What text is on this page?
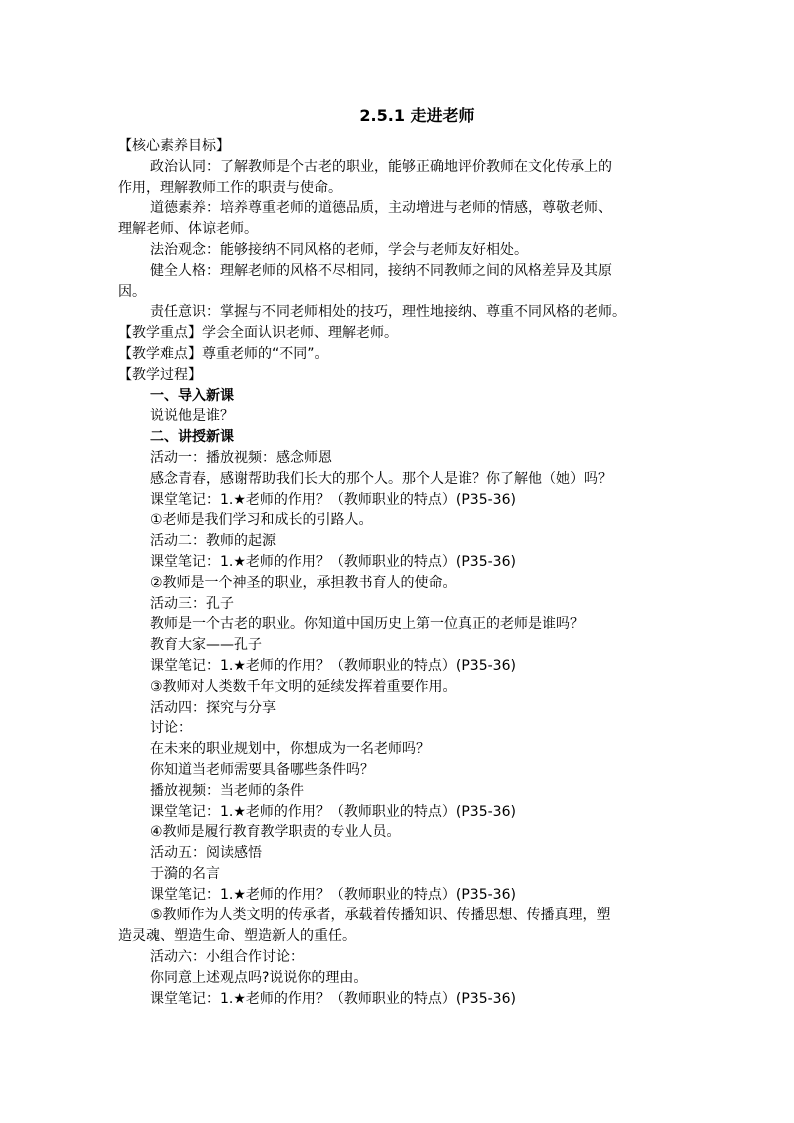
2.5.1 走进老师
【核心素养目标】
政治认同：了解教师是个古老的职业，能够正确地评价教师在文化传承上的
作用，理解教师工作的职责与使命。
道德素养：培养尊重老师的道德品质，主动增进与老师的情感，尊敬老师、
理解老师、体谅老师。
法治观念：能够接纳不同风格的老师，学会与老师友好相处。
健全人格：理解老师的风格不尽相同，接纳不同教师之间的风格差异及其原
因。
责任意识：掌握与不同老师相处的技巧，理性地接纳、尊重不同风格的老师。
【教学重点】学会全面认识老师、理解老师。
【教学难点】尊重老师的“不同”。
【教学过程】
一、导入新课
说说他是谁？
二、讲授新课
活动一：播放视频：感念师恩
感念青春，感谢帮助我们长大的那个人。那个人是谁？你了解他（她）吗？
课堂笔记：1.★老师的作用？（教师职业的特点）(P35-36)
①老师是我们学习和成长的引路人。
活动二：教师的起源
课堂笔记：1.★老师的作用？（教师职业的特点）(P35-36)
②教师是一个神圣的职业，承担教书育人的使命。
活动三：孔子
教师是一个古老的职业。你知道中国历史上第一位真正的老师是谁吗？
教育大家——孔子
课堂笔记：1.★老师的作用？（教师职业的特点）(P35-36)
③教师对人类数千年文明的延续发挥着重要作用。
活动四：探究与分享
讨论：
在未来的职业规划中，你想成为一名老师吗？
你知道当老师需要具备哪些条件吗？
播放视频：当老师的条件
课堂笔记：1.★老师的作用？（教师职业的特点）(P35-36)
④教师是履行教育教学职责的专业人员。
活动五：阅读感悟
于漪的名言
课堂笔记：1.★老师的作用？（教师职业的特点）(P35-36)
⑤教师作为人类文明的传承者，承载着传播知识、传播思想、传播真理，塑
造灵魂、塑造生命、塑造新人的重任。
活动六：小组合作讨论：
你同意上述观点吗?说说你的理由。
课堂笔记：1.★老师的作用？（教师职业的特点）(P35-36)
